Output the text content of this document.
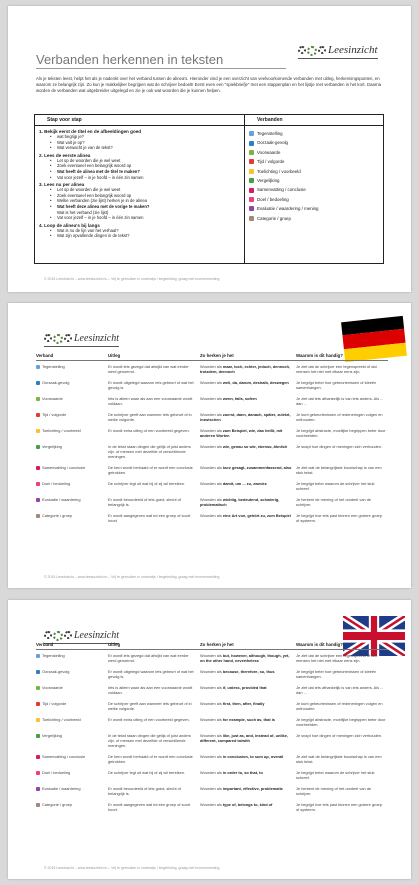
Verbanden herkennen in teksten
Leesinzicht
Als je teksten leest, helpt het als je nadenkt over het verband tussen de alinea's. Hieronder vind je een overzicht van veelvoorkomende verbanden met uitleg, herkenningspunten, en waarom ze belangrijk zijn. Zo kun je makkelijker begrijpen wat de schrijver bedoelt! Eerst even een "spiekbriefje" met een stappenplan en het lijstje met verbanden in het kort. Daarna worden de verbanden wat uitgebreider uitgelegd en zie je ook wat woorden die je kunnen helpen.
Stap voor stap
1. Bekijk eerst de titel en de afbeeldingen goed
• wat begrijp je?
• Wat valt je op?
• Wat verwacht je van de tekst?
2. Lees de eerste alinea
• Let op de woorden die je wel weet
• Zoek eventueel een belangrijk woord op
• Wat heeft de alinea met de titel te maken?
• Vat voor jezelf – in je hoofd – in één zin samen
3. Lees nu per alinea
• Let op de woorden die je wel weet
• Zoek eventueel een belangrijk woord op
• Welke verbanden (zie lijst) herken je in de alinea
• Wat heeft deze alinea met de vorige te maken?
Wat is het verband (zie lijst)
• Vat voor jezelf – in je hoofd – in één zin samen
4. Loop de alinea's bij langs
• Wat is nu de lijn van het verhaal?
• Wat zijn opvallende dingen in de tekst?
Verbanden
Tegenstelling
Oorzaak-gevolg
Voorwaarde
Tijd / volgorde
Toelichting / voorbeeld
Vergelijking
Samenvatting / conclusie
Doel / bedoeling
Evaluatie / waardering / mening
Categorie / groep
© 2015 Leesinzicht – www.leesinzicht.nu – Vrij te gebruiken in onderwijs / begeleiding, graag met bronvermelding
Leesinzicht
Verband	Uitleg	Zo herken je het	Waarom is dit handig?
Tegenstelling	Er wordt iets gezegd dat afwijkt van wat eerder werd genoemd.	Woorden als maar, toch, echter, jedoch, dennoch, trotzdem, dennoch	Je ziet dat de schrijver een tegenspreekt of dat mensen het niet met elkaar eens zijn.
Oorzaak-gevolg	Er wordt uitgelegd waarom iets gebeurt of wat het gevolg is.	Woorden als weil, da, darum, deshalb, deswegen	Je begrijpt beter hoe gebeurtenissen of ideeën samenhangen.
Voorwaarde	Iets is alleen waar als aan een voorwaarde wordt voldaan.	Woorden als wenn, falls, sofern	Je ziet dat iets afhankelijk is van iets anders. Als ... dan ...
Tijd / volgorde	De schrijver geeft aan wanneer iets gebeurt of in welke volgorde.	Woorden als zuerst, dann, danach, später, zuletzt, inzwischen	Je kunt gebeurtenissen of redeneringen volgen en onthouden.
Toelichting / voorbeeld	Er wordt extra uitleg of een voorbeeld gegeven.	Woorden als zum Beispiel, wie, das heißt, mit anderen Worten	Je begrijpt abstracte, moeilijke begrippen beter door voorbeelden.
Vergelijking	In de tekst staan dingen die gelijk of juist anders zijn. of mensen met dezelfde of verschillende meningen.	Woorden als wie, genau so wie, ebenso, ähnlich	Je snapt hoe dingen of meningen zich verhouden.
Samenvatting / conclusie	De kern wordt herhaald of er wordt een conclusie getrokken.	Woorden als kurz gesagt, zusammenfassend, also	Je ziet wat de belangrijkste boodschap is van een stuk tekst.
Doel / bedoeling	De schrijver legt uit wat hij of zij wil bereiken.	Woorden als damit, um ... zu, zwecks	Je begrijpt beter waarom de schrijver het stuk schreef.
Evaluatie / waardering	Er wordt beoordeeld of iets goed, slecht of belangrijk is.	Woorden als wichtig, bedeutend, schwierig, problematisch	Je herkent de mening of het oordeel van de schrijver.
Categorie / groep	Er wordt aangegeven wat tot een groep of soort hoort.	Woorden als eine Art von, gehört zu, zum Beispiel	Je begrijpt hoe iets past binnen een grotere groep of systeem.
© 2015 Leesinzicht – www.leesinzicht.nu – Vrij te gebruiken in onderwijs / begeleiding, graag met bronvermelding
Leesinzicht
Verband	Uitleg	Zo herken je het	Waarom is dit handig?
Tegenstelling	Er wordt iets gezegd dat afwijkt van wat eerder werd genoemd.	Woorden als but, however, although, though, yet, on the other hand, nevertheless	Je ziet dat de schrijver een tegenspreekt of dat mensen het niet met elkaar eens zijn.
Oorzaak-gevolg	Er wordt uitgelegd waarom iets gebeurt of wat het gevolg is.	Woorden als because, therefore, so, thus	Je begrijpt beter hoe gebeurtenissen of ideeën samenhangen.
Voorwaarde	Iets is alleen waar als aan een voorwaarde wordt voldaan.	Woorden als if, unless, provided that	Je ziet dat iets afhankelijk is van iets anders. Als ... dan ...
Tijd / volgorde	De schrijver geeft aan wanneer iets gebeurt of in welke volgorde.	Woorden als first, then, after, finally	Je kunt gebeurtenissen of redeneringen volgen en onthouden.
Toelichting / voorbeeld	Er wordt extra uitleg of een voorbeeld gegeven.	Woorden als for example, such as, that is	Je begrijpt abstracte, moeilijke begrippen beter door voorbeelden.
Vergelijking	In de tekst staan dingen die gelijk of juist anders zijn. of mensen met dezelfde of verschillende meningen.	Woorden als like, just as, and, instead of, unlike, different, compared to/with	Je snapt hoe dingen of meningen zich verhouden.
Samenvatting / conclusie	De kern wordt herhaald of er wordt een conclusie getrokken.	Woorden als in conclusion, to sum up, overall	Je ziet wat de belangrijkste boodschap is van een stuk tekst.
Doel / bedoeling	De schrijver legt uit wat hij of zij wil bereiken.	Woorden als in order to, so that, to	Je begrijpt beter waarom de schrijver het stuk schreef.
Evaluatie / waardering	Er wordt beoordeeld of iets goed, slecht of belangrijk is.	Woorden als important, effective, problematic	Je herkent de mening of het oordeel van de schrijver.
Categorie / groep	Er wordt aangegeven wat tot een groep of soort hoort.	Woorden als type of, belongs to, kind of	Je begrijpt hoe iets past binnen een grotere groep of systeem.
© 2015 Leesinzicht – www.leesinzicht.nu – Vrij te gebruiken in onderwijs / begeleiding, graag met bronvermelding
